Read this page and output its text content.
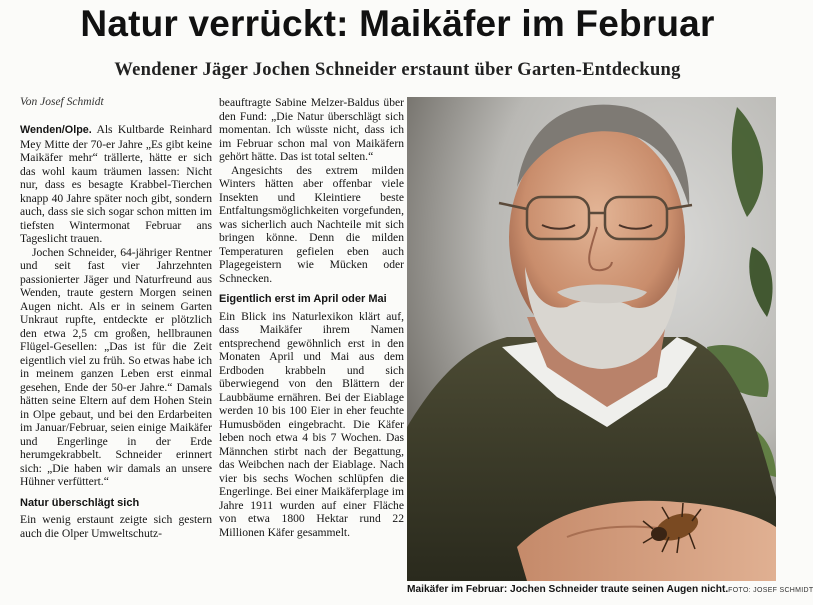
Natur verrückt: Maikäfer im Februar
Wendener Jäger Jochen Schneider erstaunt über Garten-Entdeckung

Von Josef Schmidt

Wenden/Olpe. Als Kultbarde Reinhard Mey Mitte der 70-er Jahre „Es gibt keine Maikäfer mehr“ trällerte, hätte er sich das wohl kaum träumen lassen: Nicht nur, dass es besagte Krabbel-Tierchen knapp 40 Jahre später noch gibt, sondern auch, dass sie sich sogar schon mitten im tiefsten Wintermonat Februar ans Tageslicht trauen.

Jochen Schneider, 64-jähriger Rentner und seit fast vier Jahrzehnten passionierter Jäger und Naturfreund aus Wenden, traute gestern Morgen seinen Augen nicht. Als er in seinem Garten Unkraut rupfte, entdeckte er plötzlich den etwa 2,5 cm großen, hellbraunen Flügel-Gesellen: „Das ist für die Zeit eigentlich viel zu früh. So etwas habe ich in meinem ganzen Leben erst einmal gesehen, Ende der 50-er Jahre.“ Damals hätten seine Eltern auf dem Hohen Stein in Olpe gebaut, und bei den Erdarbeiten im Januar/Februar, seien einige Maikäfer und Engerlinge in der Erde herumgekrabbelt. Schneider erinnert sich: „Die haben wir damals an unsere Hühner verfüttert.“

Natur überschlägt sich

Ein wenig erstaunt zeigte sich gestern auch die Olper Umweltschutz-

beauftragte Sabine Melzer-Baldus über den Fund: „Die Natur überschlägt sich momentan. Ich wüsste nicht, dass ich im Februar schon mal von Maikäfern gehört hätte. Das ist total selten.“

Angesichts des extrem milden Winters hätten aber offenbar viele Insekten und Kleintiere beste Entfaltungsmöglichkeiten vorgefunden, was sicherlich auch Nachteile mit sich bringen könne. Denn die milden Temperaturen gefielen eben auch Plagegeistern wie Mücken oder Schnecken.

Eigentlich erst im April oder Mai

Ein Blick ins Naturlexikon klärt auf, dass Maikäfer ihrem Namen entsprechend gewöhnlich erst in den Monaten April und Mai aus dem Erdboden krabbeln und sich überwiegend von den Blättern der Laubbäume ernähren. Bei der Eiablage werden 10 bis 100 Eier in eher feuchte Humusböden eingebracht. Die Käfer leben noch etwa 4 bis 7 Wochen. Das Männchen stirbt nach der Begattung, das Weibchen nach der Eiablage. Nach vier bis sechs Wochen schlüpfen die Engerlinge. Bei einer Maikäferplage im Jahre 1911 wurden auf einer Fläche von etwa 1800 Hektar rund 22 Millionen Käfer gesammelt.

Maikäfer im Februar: Jochen Schneider traute seinen Augen nicht.FOTO: JOSEF SCHMIDT
